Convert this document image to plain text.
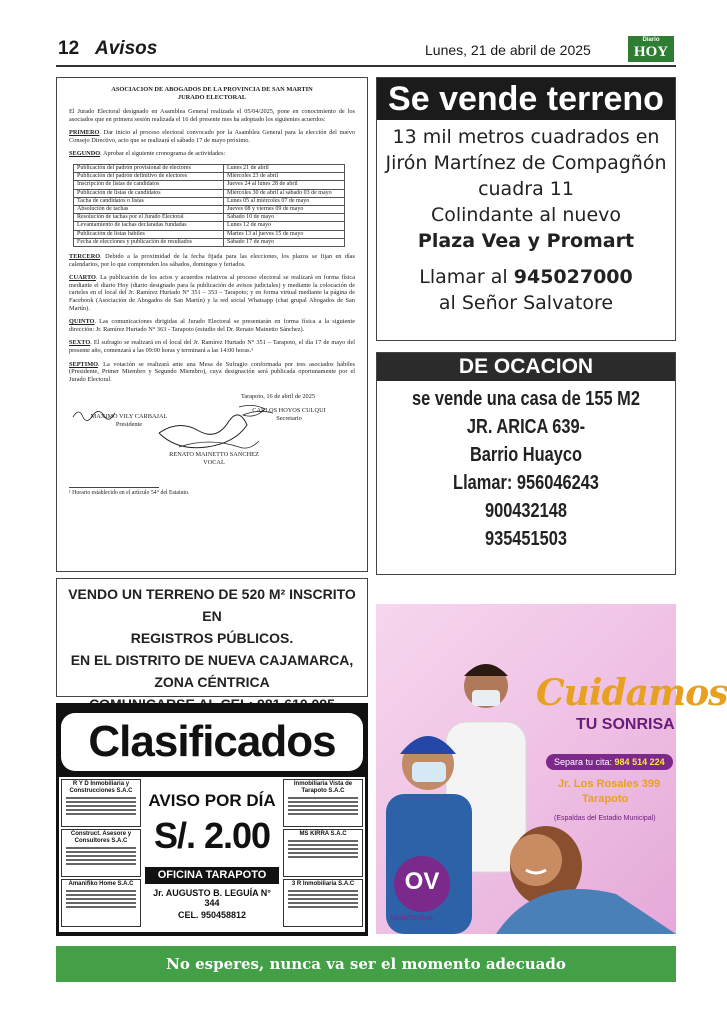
12 Avisos	Lunes, 21 de abril de 2025
Diario
HOY
ASOCIACION DE ABOGADOS DE LA PROVINCIA DE SAN MARTIN
JURADO ELECTORAL

El Jurado Electoral designado en Asamblea General realizada el 05/04/2025, pone en conocimiento de los asociados que en primera sesión realizada el 16 del presente mes ha adoptado los siguientes acuerdos:

PRIMERO. Dar inicio al proceso electoral convocado por la Asamblea General para la elección del nuevo Consejo Directivo, acto que se realizará el sábado 17 de mayo próximo.

SEGUNDO. Aprobar el siguiente cronograma de actividades:

Publicación del padrón provisional de electores	Lunes 21 de abril
Publicación del padrón definitivo de electores	Miércoles 23 de abril
Inscripción de listas de candidatos	Jueves 24 al lunes 28 de abril
Publicación de listas de candidatos	Miércoles 30 de abril al sábado 03 de mayo
Tacha de candidatos o listas	Lunes 05 al miércoles 07 de mayo
Absolución de tachas	Jueves 08 y viernes 09 de mayo
Resolución de tachas por el Jurado Electoral	Sábado 10 de mayo
Levantamiento de tachas declaradas fundadas	Lunes 12 de mayo
Publicación de listas hábiles	Martes 13 al jueves 15 de mayo
Fecha de elecciones y publicación de resultados	Sábado 17 de mayo

TERCERO. Debido a la proximidad de la fecha fijada para las elecciones, los plazos se fijan en días calendarios, por lo que comprenden los sábados, domingos y feriados.

CUARTO. La publicación de los actos y acuerdos relativos al proceso electoral se realizará en forma física mediante el diario Hoy (diario designado para la publicación de avisos judiciales) y mediante la colocación de carteles en el local del Jr. Ramírez Hurtado N° 351 – 353 – Tarapoto; y en forma virtual mediante la página de Facebook (Asociación de Abogados de San Martín) y la red social Whatsapp (chat grupal Abogados de San Martín).

QUINTO. Las comunicaciones dirigidas al Jurado Electoral se presentarán en forma física a la siguiente dirección: Jr. Ramírez Hurtado N° 363 - Tarapoto (estudio del Dr. Renato Mainetto Sánchez).

SEXTO. El sufragio se realizará en el local del Jr. Ramírez Hurtado N° 351 – Tarapoto, el día 17 de mayo del presente año, comenzará a las 09:00 horas y terminará a las 14:00 horas.¹

SEPTIMO. La votación se realizará ante una Mesa de Sufragio conformada por tres asociados hábiles (Presidente, Primer Miembro y Segundo Miembro), cuya designación será publicada oportunamente por el Jurado Electoral.

Tarapoto, 16 de abril de 2025
MAXIMO VILY CARBAJAL
Presidente
CARLOS HOYOS CULQUI
Secretario
RENATO MAINETTO SANCHEZ
VOCAL
¹ Horario establecido en el artículo 54° del Estatuto.
Se vende terreno
13 mil metros cuadrados en
Jirón Martínez de Compagñón
cuadra 11
Colindante al nuevo
Plaza Vea y Promart
Llamar al 945027000
al Señor Salvatore
DE OCACION
se vende una casa de 155 M2
JR. ARICA 639-
Barrio Huayco
Llamar: 956046243
900432148
935451503
VENDO UN TERRENO DE 520 M² INSCRITO EN
REGISTROS PÚBLICOS.
EN EL DISTRITO DE NUEVA CAJAMARCA,
ZONA CÉNTRICA
Clasificados
R Y D Inmobiliaria y Construcciones S.A.C
Construct. Asesore y Consultores S.A.C
Amanifiko Home S.A.C
AVISO POR DÍA
S/. 2.00
OFICINA TARAPOTO
Jr. AUGUSTO B. LEGUÍA N° 344
CEL. 950458812
Inmobiliaria Vista de Tarapoto S.A.C
MS KIRRA S.A.C
3 R Inmobiliaria S.A.C
Cuidamos
TU SONRISA
Separa tu cita: 984 514 224
Jr. Los Rosales 399
Tarapoto
(Espaldas del Estadio Municipal)
OV
ODONTOVIDAL
No esperes, nunca va ser el momento adecuado
